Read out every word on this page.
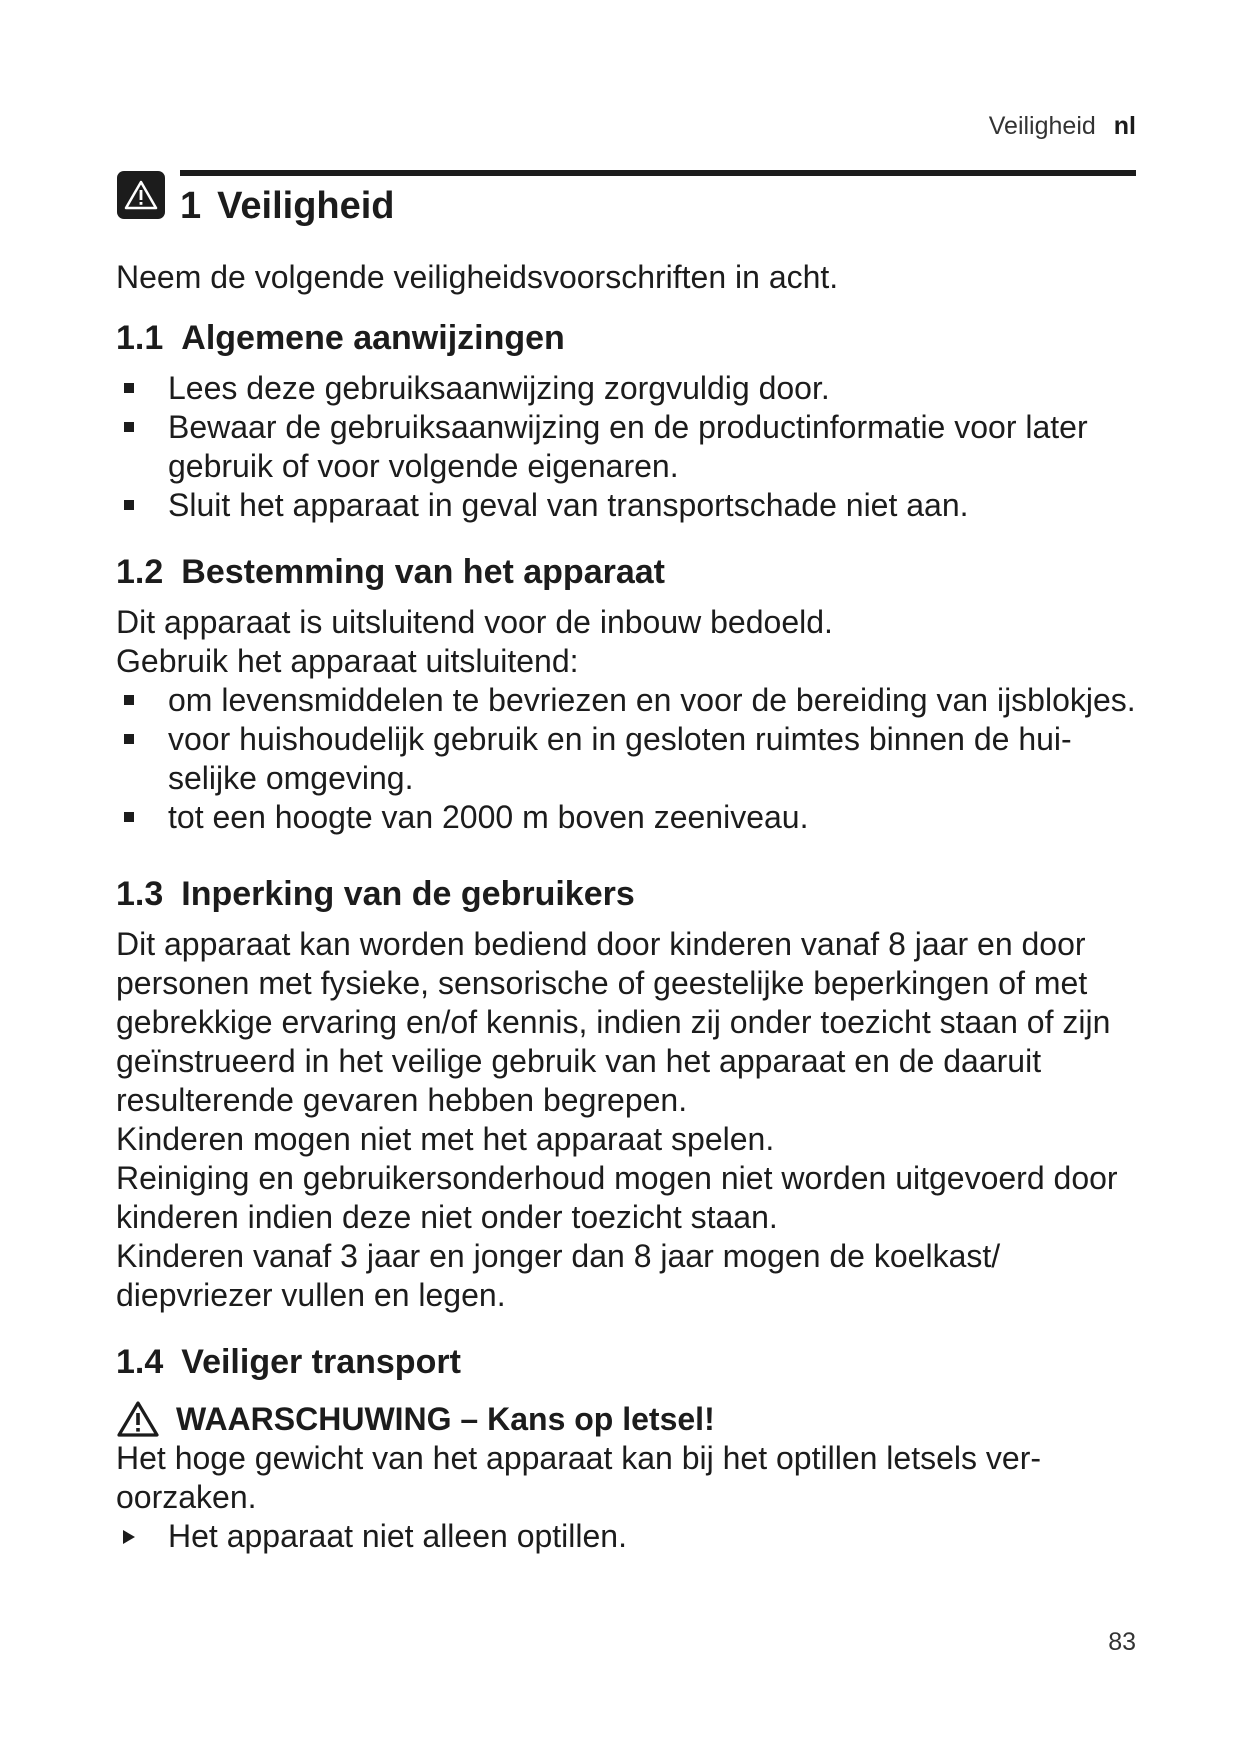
Veiligheid nl
1 Veiligheid

Neem de volgende veiligheidsvoorschriften in acht.

1.1 Algemene aanwijzingen
Lees deze gebruiksaanwijzing zorgvuldig door.
Bewaar de gebruiksaanwijzing en de productinformatie voor later gebruik of voor volgende eigenaren.
Sluit het apparaat in geval van transportschade niet aan.
1.2 Bestemming van het apparaat

Dit apparaat is uitsluitend voor de inbouw bedoeld.

Gebruik het apparaat uitsluitend:

om levensmiddelen te bevriezen en voor de bereiding van ijsblokjes.
voor huishoudelijk gebruik en in gesloten ruimtes binnen de huiselijke omgeving.
tot een hoogte van 2000 m boven zeeniveau.
1.3 Inperking van de gebruikers

Dit apparaat kan worden bediend door kinderen vanaf 8 jaar en door personen met fysieke, sensorische of geestelijke beperkingen of met gebrekkige ervaring en/of kennis, indien zij onder toezicht staan of zijn geïnstrueerd in het veilige gebruik van het apparaat en de daaruit resulterende gevaren hebben begrepen.

Kinderen mogen niet met het apparaat spelen.

Reiniging en gebruikersonderhoud mogen niet worden uitgevoerd door kinderen indien deze niet onder toezicht staan.

Kinderen vanaf 3 jaar en jonger dan 8 jaar mogen de koelkast/ diepvriezer vullen en legen.

1.4 Veiliger transport
WAARSCHUWING – Kans op letsel!

Het hoge gewicht van het apparaat kan bij het optillen letsels veroorzaken.

Het apparaat niet alleen optillen.

83
